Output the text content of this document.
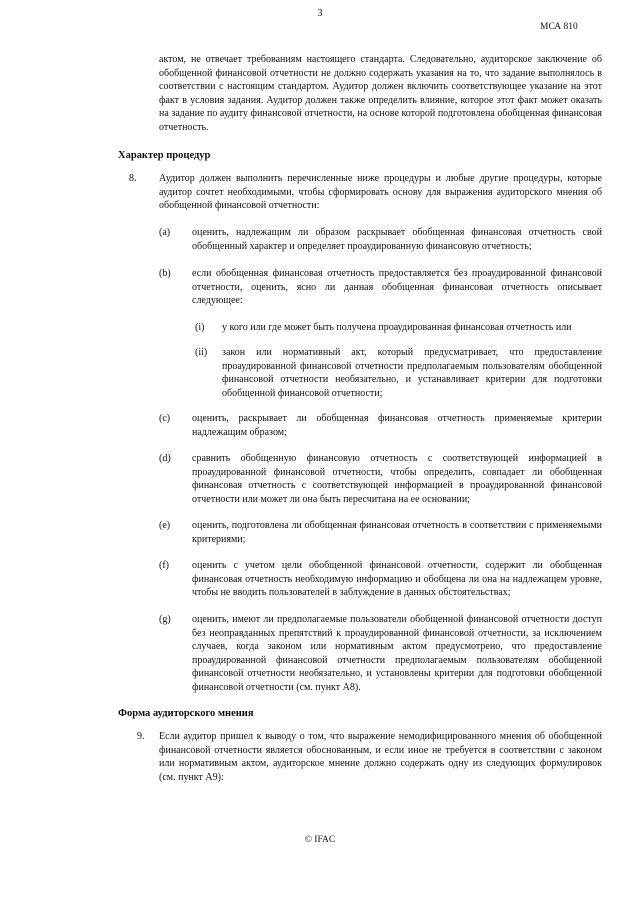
3
МСА 810
актом, не отвечает требованиям настоящего стандарта. Следовательно, аудиторское заключение об обобщенной финансовой отчетности не должно содержать указания на то, что задание выполнялось в соответствии с настоящим стандартом. Аудитор должен включить соответствующее указание на этот факт в условия задания. Аудитор должен также определить влияние, которое этот факт может оказать на задание по аудиту финансовой отчетности, на основе которой подготовлена обобщенная финансовая отчетность.
Характер процедур
8. Аудитор должен выполнить перечисленные ниже процедуры и любые другие процедуры, которые аудитор сочтет необходимыми, чтобы сформировать основу для выражения аудиторского мнения об обобщенной финансовой отчетности:
(a) оценить, надлежащим ли образом раскрывает обобщенная финансовая отчетность свой обобщенный характер и определяет проаудированную финансовую отчетность;
(b) если обобщенная финансовая отчетность предоставляется без проаудированной финансовой отчетности, оценить, ясно ли данная обобщенная финансовая отчетность описывает следующее:
(i) у кого или где может быть получена проаудированная финансовая отчетность или
(ii) закон или нормативный акт, который предусматривает, что предоставление проаудированной финансовой отчетности предполагаемым пользователям обобщенной финансовой отчетности необязательно, и устанавливает критерии для подготовки обобщенной финансовой отчетности;
(c) оценить, раскрывает ли обобщенная финансовая отчетность применяемые критерии надлежащим образом;
(d) сравнить обобщенную финансовую отчетность с соответствующей информацией в проаудированной финансовой отчетности, чтобы определить, совпадает ли обобщенная финансовая отчетность с соответствующей информацией в проаудированной финансовой отчетности или может ли она быть пересчитана на ее основании;
(e) оценить, подготовлена ли обобщенная финансовая отчетность в соответствии с применяемыми критериями;
(f) оценить с учетом цели обобщенной финансовой отчетности, содержит ли обобщенная финансовая отчетность необходимую информацию и обобщена ли она на надлежащем уровне, чтобы не вводить пользователей в заблуждение в данных обстоятельствах;
(g) оценить, имеют ли предполагаемые пользователи обобщенной финансовой отчетности доступ без неоправданных препятствий к проаудированной финансовой отчетности, за исключением случаев, когда законом или нормативным актом предусмотрено, что предоставление проаудированной финансовой отчетности предполагаемым пользователям обобщенной финансовой отчетности необязательно, и установлены критерии для подготовки обобщенной финансовой отчетности (см. пункт A8).
Форма аудиторского мнения
9. Если аудитор пришел к выводу о том, что выражение немодифицированного мнения об обобщенной финансовой отчетности является обоснованным, и если иное не требуется в соответствии с законом или нормативным актом, аудиторское мнение должно содержать одну из следующих формулировок (см. пункт A9):
© IFAC
